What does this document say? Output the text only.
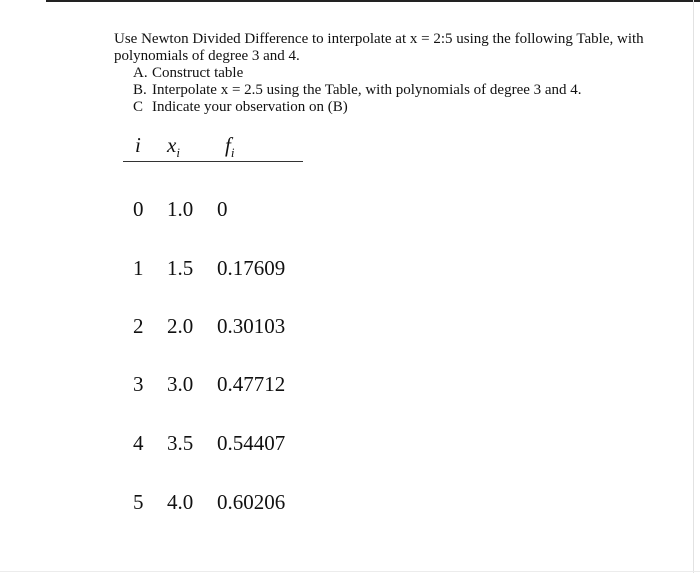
Use Newton Divided Difference to interpolate at x = 2:5 using the following Table, with polynomials of degree 3 and 4.

A. Construct table

B. Interpolate x = 2.5 using the Table, with polynomials of degree 3 and 4.

C Indicate your observation on (B)

i $x_i$ $f_i$
0 1.0 0
1 1.5 0.17609
2 2.0 0.30103
3 3.0 0.47712
4 3.5 0.54407
5 4.0 0.60206
